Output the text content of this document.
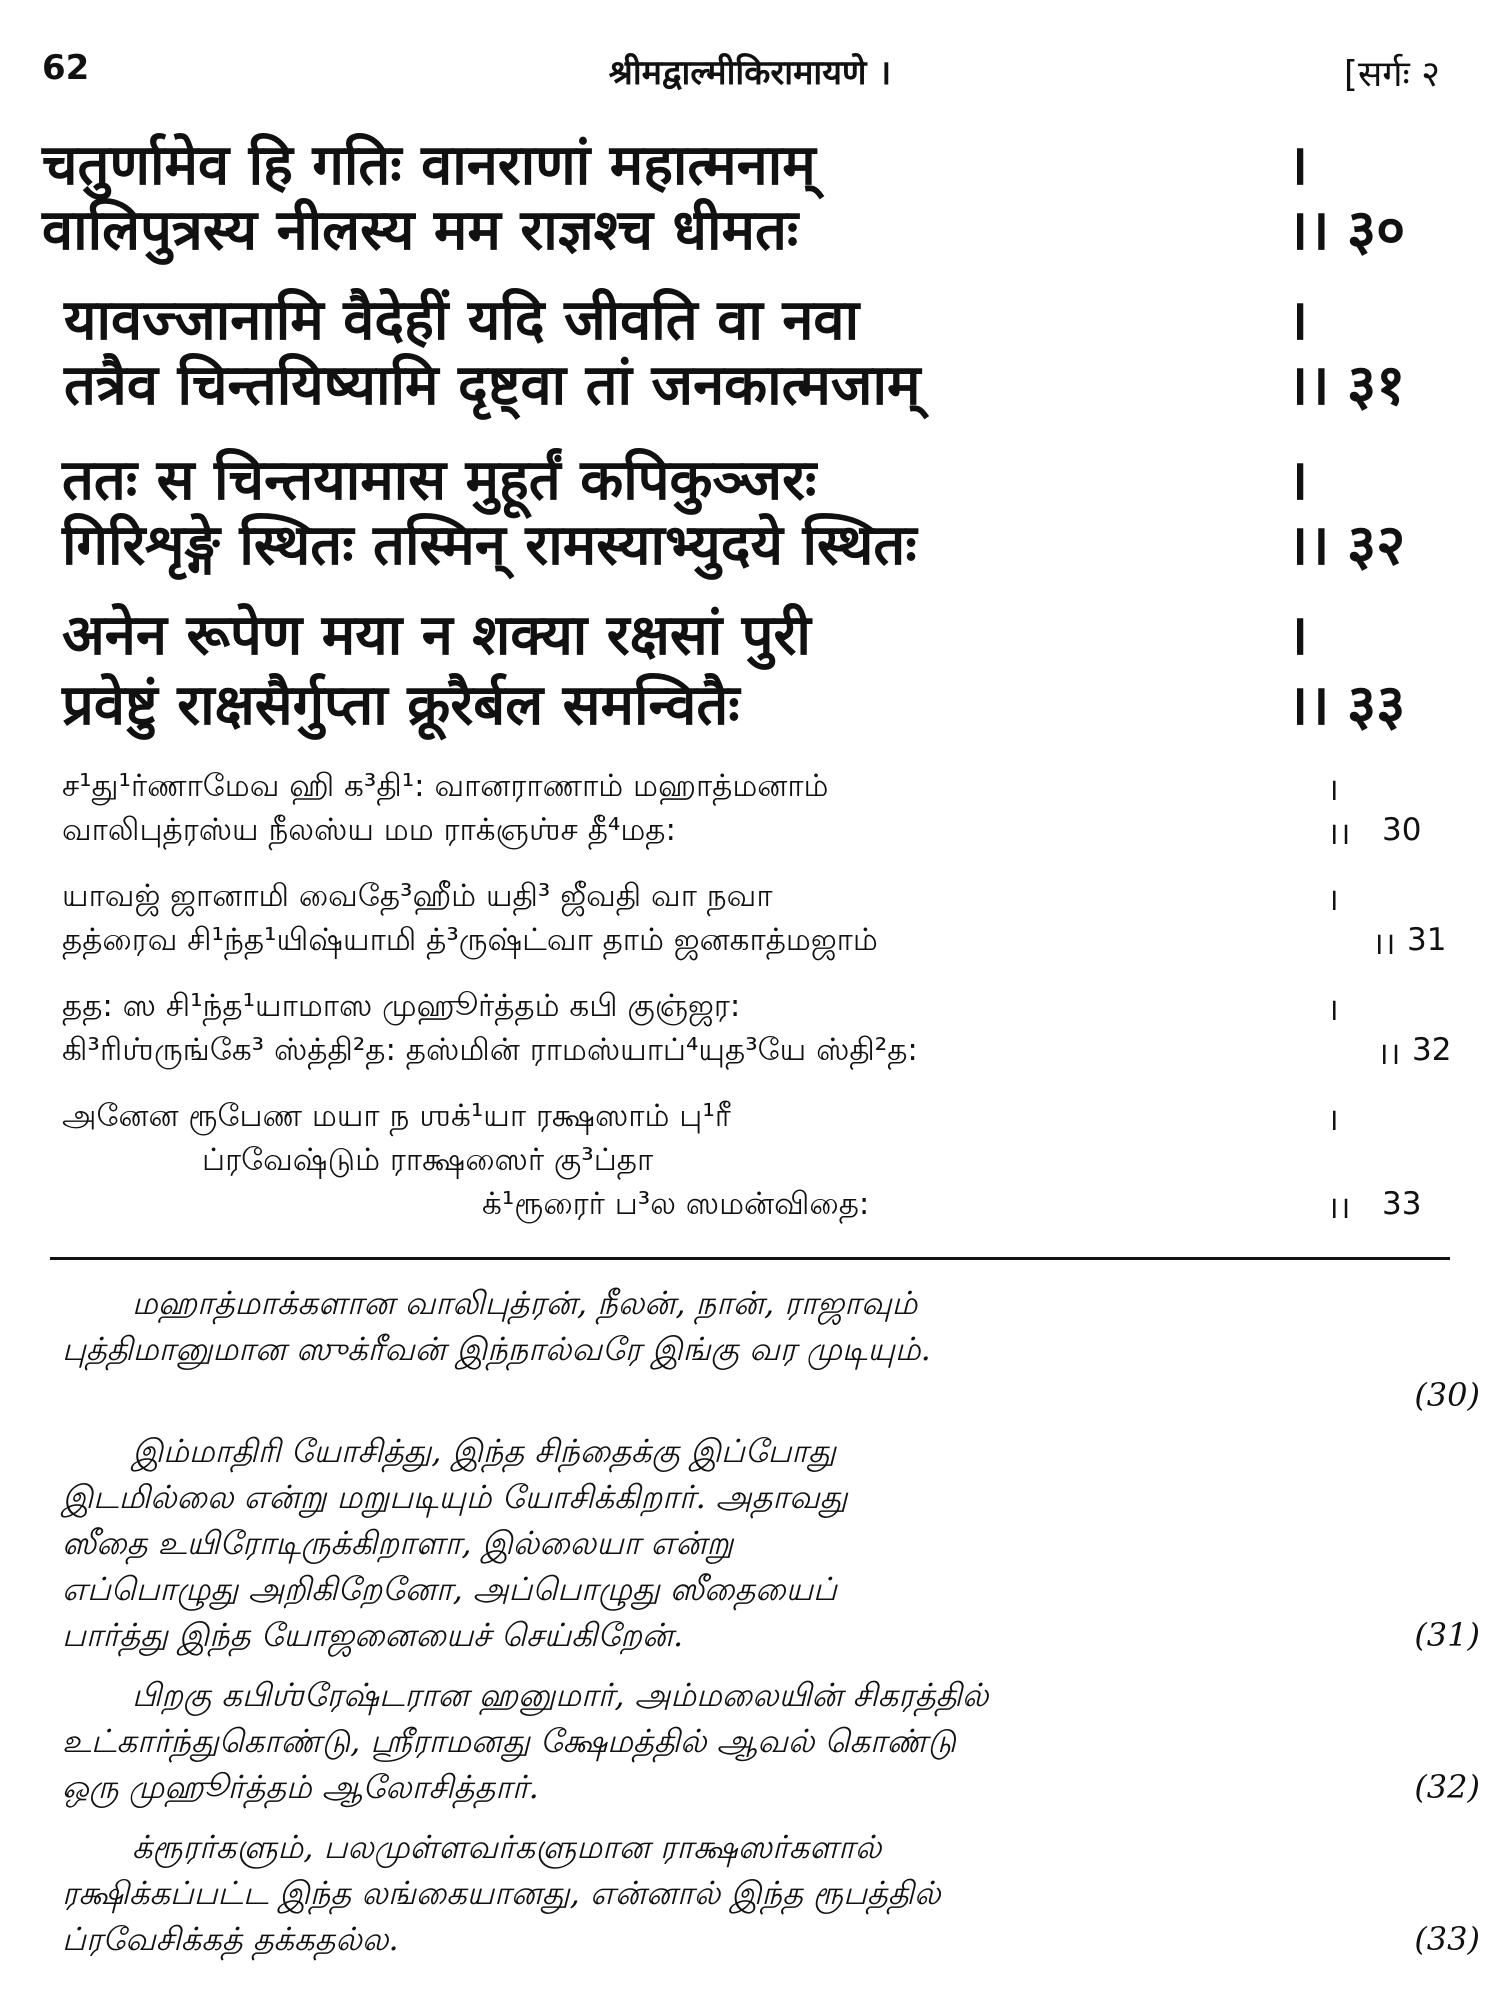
62	श्रीमद्वाल्मीकिरामायणे ।	[सर्गः २
चतुर्णामेव हि गतिः वानराणां महात्मनाम्	।
वालिपुत्रस्य नीलस्य मम राज्ञश्च धीमतः	।। ३०
यावज्जानामि वैदेहीं यदि जीवति वा नवा	।
तत्रैव चिन्तयिष्यामि दृष्ट्वा तां जनकात्मजाम्	।। ३१
ततः स चिन्तयामास मुहूर्तं कपिकुञ्जरः	।
गिरिशृङ्गे स्थितः तस्मिन् रामस्याभ्युदये स्थितः	।। ३२
अनेन रूपेण मया न शक्या रक्षसां पुरी	।
प्रवेष्टुं राक्षसैर्गुप्ता क्रूरैर्बल समन्वितैः	।। ३३
ச¹து¹ர்ணாமேவ ஹி க³தி¹: வானராணாம் மஹாத்மனாம்	।
வாலிபுத்ரஸ்ய நீலஸ்ய மம ராக்ஞஶ்ச தீ⁴மத:	।। 30
யாவஜ் ஜானாமி வைதே³ஹீம் யதி³ ஜீவதி வா நவா	।
தத்ரைவ சி¹ந்த¹யிஷ்யாமி த்³ருஷ்ட்வா தாம் ஜனகாத்மஜாம்	।। 31
தத: ஸ சி¹ந்த¹யாமாஸ முஹூர்த்தம் கபி குஞ்ஜர:	।
கி³ரிஶ்ருங்கே³ ஸ்த்தி²த: தஸ்மின் ராமஸ்யாப்⁴யுத³யே ஸ்தி²த:	।। 32
அனேன ரூபேண மயா ந ஶக்¹யா ரக்ஷஸாம் பு¹ரீ	।
ப்ரவேஷ்டும் ராக்ஷஸைர் கு³ப்தா
க்¹ரூரைர் ப³ல ஸமன்விதை:	।। 33
மஹாத்மாக்களான வாலிபுத்ரன், நீலன், நான், ராஜாவும்
புத்திமானுமான ஸுக்ரீவன் இந்நால்வரே இங்கு வர முடியும்.
(30)
இம்மாதிரி யோசித்து, இந்த சிந்தைக்கு இப்போது
இடமில்லை என்று மறுபடியும் யோசிக்கிறார். அதாவது
ஸீதை உயிரோடிருக்கிறாளா, இல்லையா என்று
எப்பொழுது அறிகிறேனோ, அப்பொழுது ஸீதையைப்
பார்த்து இந்த யோஜனையைச் செய்கிறேன்.	(31)
பிறகு கபிஶ்ரேஷ்டரான ஹனுமார், அம்மலையின் சிகரத்தில்
உட்கார்ந்துகொண்டு, ஸ்ரீராமனது க்ஷேமத்தில் ஆவல் கொண்டு
ஒரு முஹூர்த்தம் ஆலோசித்தார்.	(32)
க்ரூரர்களும், பலமுள்ளவர்களுமான ராக்ஷஸர்களால்
ரக்ஷிக்கப்பட்ட இந்த லங்கையானது, என்னால் இந்த ரூபத்தில்
ப்ரவேசிக்கத் தக்கதல்ல.	(33)
